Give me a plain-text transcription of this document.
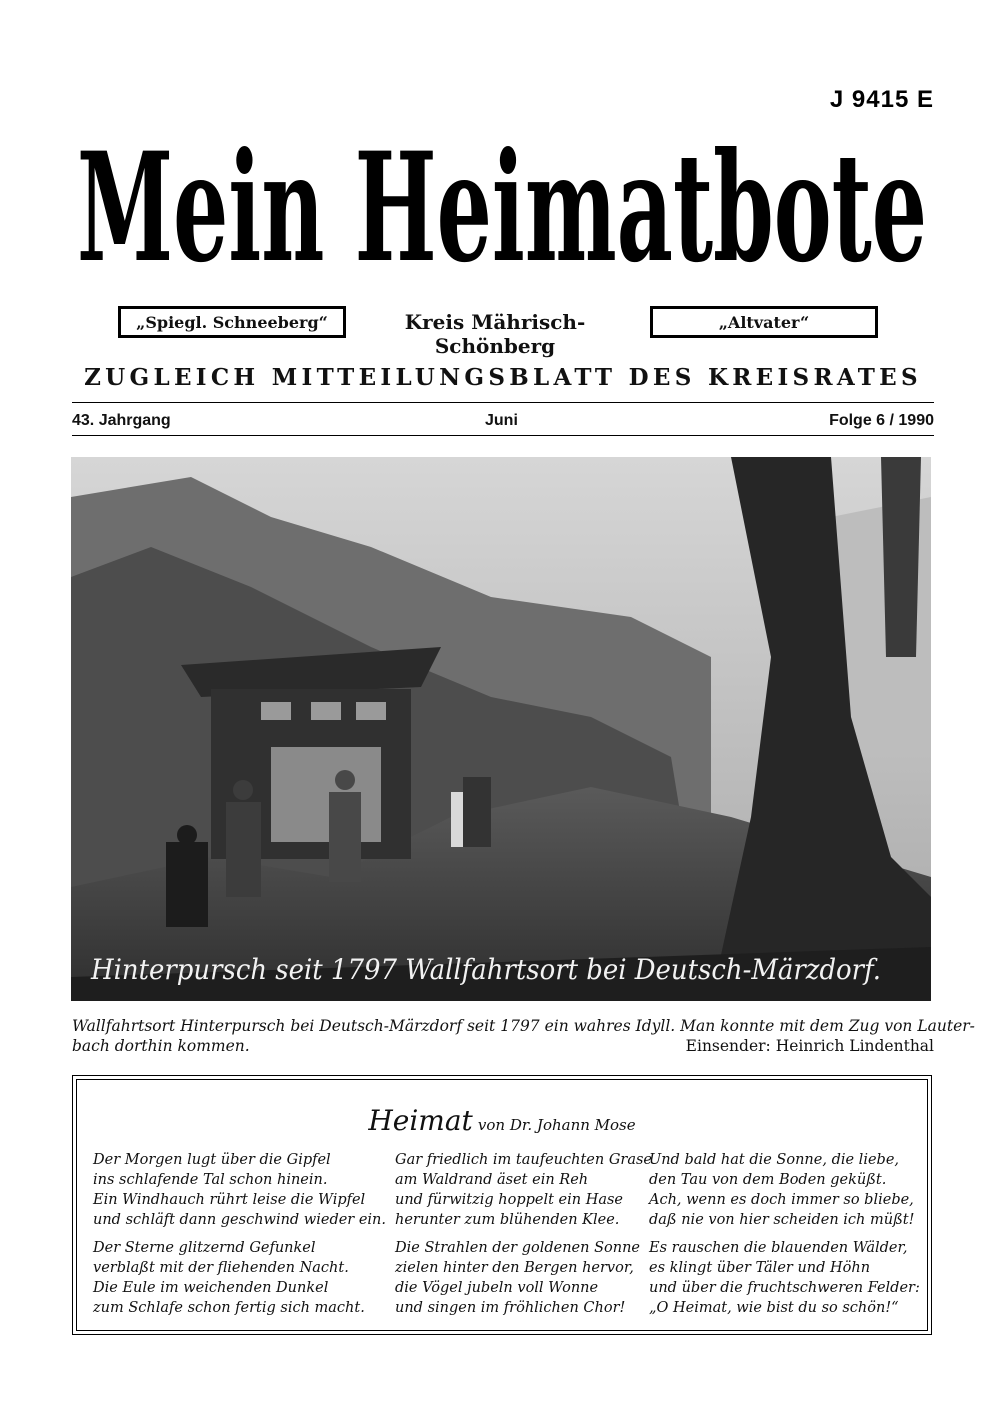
J 9415 E
Mein Heimatbote
„Spiegl. Schneeberg“	Kreis Mährisch-Schönberg
„Altvater“
ZUGLEICH MITTEILUNGSBLATT DES KREISRATES
43. Jahrgang	Juni	Folge 6 / 1990
Hinterpursch seit 1797 Wallfahrtsort bei Deutsch-Märzdorf.
Wallfahrtsort Hinterpursch bei Deutsch-Märzdorf seit 1797 ein wahres Idyll. Man konnte mit dem Zug von Lauter-
bach dorthin kommen.	Einsender: Heinrich Lindenthal
Heimat von Dr. Johann Mose
Der Morgen lugt über die Gipfel
ins schlafende Tal schon hinein.
Ein Windhauch rührt leise die Wipfel
und schläft dann geschwind wieder ein.
Der Sterne glitzernd Gefunkel
verblaßt mit der fliehenden Nacht.
Die Eule im weichenden Dunkel
zum Schlafe schon fertig sich macht.
Gar friedlich im taufeuchten Grase
am Waldrand äset ein Reh
und fürwitzig hoppelt ein Hase
herunter zum blühenden Klee.
Die Strahlen der goldenen Sonne
zielen hinter den Bergen hervor,
die Vögel jubeln voll Wonne
und singen im fröhlichen Chor!
Und bald hat die Sonne, die liebe,
den Tau von dem Boden geküßt.
Ach, wenn es doch immer so bliebe,
daß nie von hier scheiden ich müßt!
Es rauschen die blauenden Wälder,
es klingt über Täler und Höhn
und über die fruchtschweren Felder:
„O Heimat, wie bist du so schön!“
